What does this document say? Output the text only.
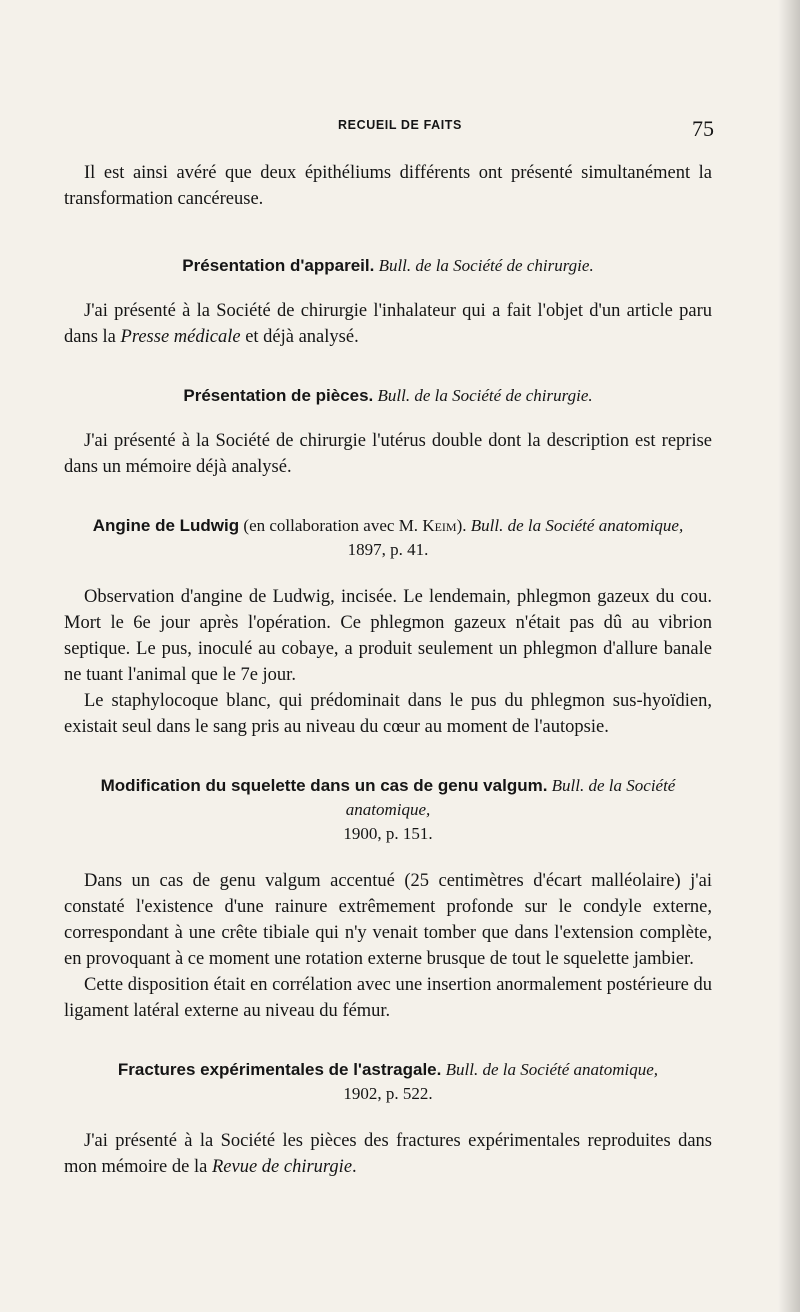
RECUEIL DE FAITS	75

Il est ainsi avéré que deux épithéliums différents ont présenté simultanément la transformation cancéreuse.

Présentation d'appareil. Bull. de la Société de chirurgie.

J'ai présenté à la Société de chirurgie l'inhalateur qui a fait l'objet d'un article paru dans la Presse médicale et déjà analysé.

Présentation de pièces. Bull. de la Société de chirurgie.

J'ai présenté à la Société de chirurgie l'utérus double dont la description est reprise dans un mémoire déjà analysé.

Angine de Ludwig (en collaboration avec M. Keim). Bull. de la Société anatomique,
1897, p. 41.

Observation d'angine de Ludwig, incisée. Le lendemain, phlegmon gazeux du cou. Mort le 6e jour après l'opération. Ce phlegmon gazeux n'était pas dû au vibrion septique. Le pus, inoculé au cobaye, a produit seulement un phlegmon d'allure banale ne tuant l'animal que le 7e jour.

Le staphylocoque blanc, qui prédominait dans le pus du phlegmon sus-hyoïdien, existait seul dans le sang pris au niveau du cœur au moment de l'autopsie.

Modification du squelette dans un cas de genu valgum. Bull. de la Société anatomique,
1900, p. 151.

Dans un cas de genu valgum accentué (25 centimètres d'écart malléolaire) j'ai constaté l'existence d'une rainure extrêmement profonde sur le condyle externe, correspondant à une crête tibiale qui n'y venait tomber que dans l'extension complète, en provoquant à ce moment une rotation externe brusque de tout le squelette jambier.

Cette disposition était en corrélation avec une insertion anormalement postérieure du ligament latéral externe au niveau du fémur.

Fractures expérimentales de l'astragale. Bull. de la Société anatomique,
1902, p. 522.

J'ai présenté à la Société les pièces des fractures expérimentales reproduites dans mon mémoire de la Revue de chirurgie.
